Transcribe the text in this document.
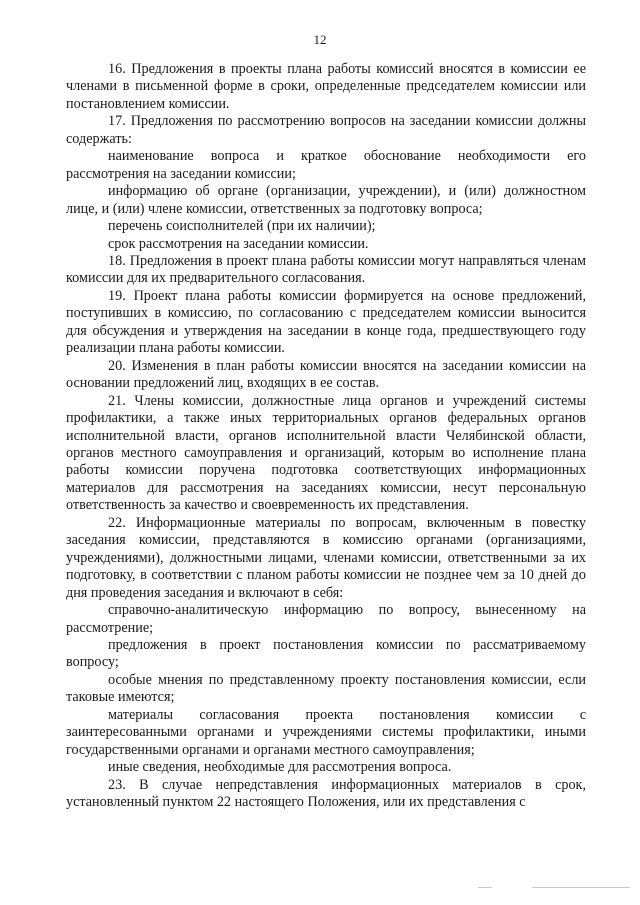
12

16. Предложения в проекты плана работы комиссий вносятся в комиссии ее членами в письменной форме в сроки, определенные председателем комиссии или постановлением комиссии.

17. Предложения по рассмотрению вопросов на заседании комиссии должны содержать:

наименование вопроса и краткое обоснование необходимости его рассмотрения на заседании комиссии;

информацию об органе (организации, учреждении), и (или) должностном лице, и (или) члене комиссии, ответственных за подготовку вопроса;

перечень соисполнителей (при их наличии);

срок рассмотрения на заседании комиссии.

18. Предложения в проект плана работы комиссии могут направляться членам комиссии для их предварительного согласования.

19. Проект плана работы комиссии формируется на основе предложений, поступивших в комиссию, по согласованию с председателем комиссии выносится для обсуждения и утверждения на заседании в конце года, предшествующего году реализации плана работы комиссии.

20. Изменения в план работы комиссии вносятся на заседании комиссии на основании предложений лиц, входящих в ее состав.

21. Члены комиссии, должностные лица органов и учреждений системы профилактики, а также иных территориальных органов федеральных органов исполнительной власти, органов исполнительной власти Челябинской области, органов местного самоуправления и организаций, которым во исполнение плана работы комиссии поручена подготовка соответствующих информационных материалов для рассмотрения на заседаниях комиссии, несут персональную ответственность за качество и своевременность их представления.

22. Информационные материалы по вопросам, включенным в повестку заседания комиссии, представляются в комиссию органами (организациями, учреждениями), должностными лицами, членами комиссии, ответственными за их подготовку, в соответствии с планом работы комиссии не позднее чем за 10 дней до дня проведения заседания и включают в себя:

справочно-аналитическую информацию по вопросу, вынесенному на рассмотрение;

предложения в проект постановления комиссии по рассматриваемому вопросу;

особые мнения по представленному проекту постановления комиссии, если таковые имеются;

материалы согласования проекта постановления комиссии с заинтересованными органами и учреждениями системы профилактики, иными государственными органами и органами местного самоуправления;

иные сведения, необходимые для рассмотрения вопроса.

23. В случае непредставления информационных материалов в срок, установленный пунктом 22 настоящего Положения, или их представления с
